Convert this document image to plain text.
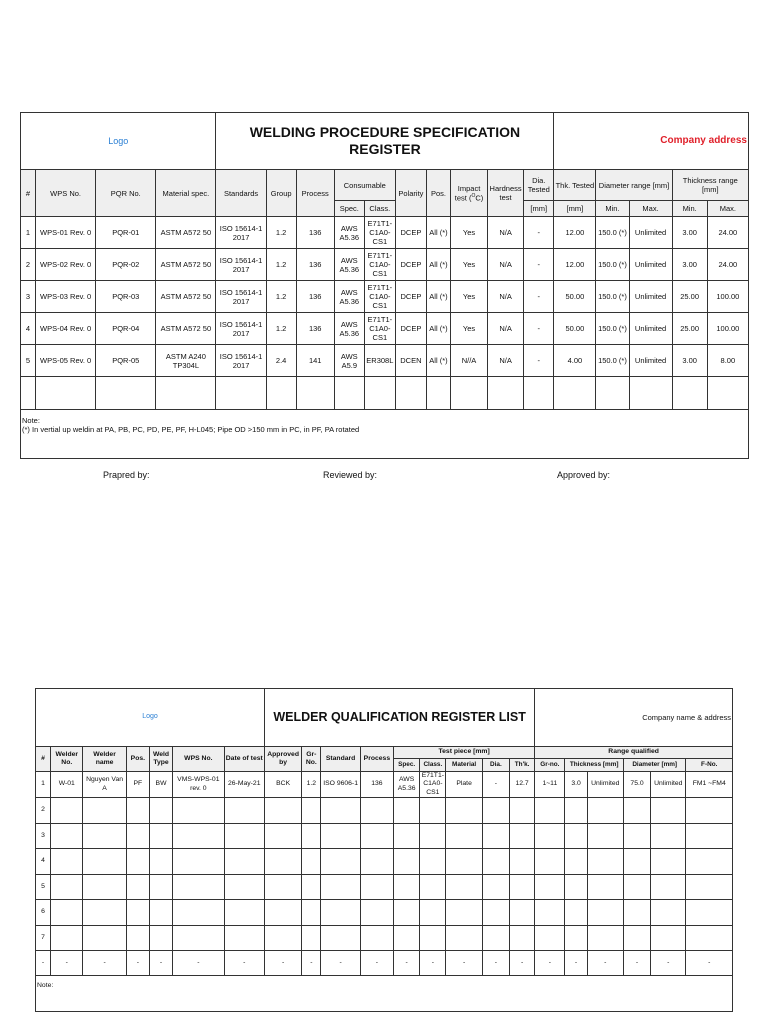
Logo				WELDING PROCEDURE SPECIFICATION
REGISTER										Company address				
#	WPS No.	PQR No.	Material spec.	Standards	Group	Process	Consumable		Polarity	Pos.	Impact test ($^O$C)	Hardness test	Dia. Tested	Thk. Tested	Diameter range [mm]		Thickness range [mm]	
							Spec.	Class.					[mm]	[mm]	Min.	Max.	Min.	Max.
1	WPS-01 Rev. 0	PQR-01	ASTM A572 50	ISO 15614-1 2017	1.2	136	AWS A5.36	E71T1-C1A0-CS1	DCEP	All (*)	Yes	N/A	-	12.00	150.0 (*)	Unlimited	3.00	24.00
2	WPS-02 Rev. 0	PQR-02	ASTM A572 50	ISO 15614-1 2017	1.2	136	AWS A5.36	E71T1-C1A0-CS1	DCEP	All (*)	Yes	N/A	-	12.00	150.0 (*)	Unlimited	3.00	24.00
3	WPS-03 Rev. 0	PQR-03	ASTM A572 50	ISO 15614-1 2017	1.2	136	AWS A5.36	E71T1-C1A0-CS1	DCEP	All (*)	Yes	N/A	-	50.00	150.0 (*)	Unlimited	25.00	100.00
4	WPS-04 Rev. 0	PQR-04	ASTM A572 50	ISO 15614-1 2017	1.2	136	AWS A5.36	E71T1-C1A0-CS1	DCEP	All (*)	Yes	N/A	-	50.00	150.0 (*)	Unlimited	25.00	100.00
5	WPS-05 Rev. 0	PQR-05	ASTM A240 TP304L	ISO 15614-1 2017	2.4	141	AWS A5.9	ER308L	DCEN	All (*)	N//A	N/A	-	4.00	150.0 (*)	Unlimited	3.00	8.00

Note:
(*) In vertial up weldin at PA, PB, PC, PD, PE, PF, H-L045; Pipe OD >150 mm in PC, in PF, PA rotated																		
Prapred by:	Reviewed by:	Approved by:
Logo							WELDER QUALIFICATION REGISTER LIST									Company name & address					
#	Welder No.	Welder name	Pos.	Weld Type	WPS No.	Date of test	Approved by	Gr-No.	Standard	Process	Test piece [mm]					Range qualified					
											Spec.	Class.	Material	Dia.	Th'k.	Gr-no.	Thickness [mm]		Diameter [mm]		F-No.
1	W-01	Nguyen Van A	PF	BW	VMS-WPS-01 rev. 0	26-May-21	BCK	1.2	ISO 9606-1	136	AWS A5.36	E71T1-C1A0-CS1	Plate	-	12.7	1~11	3.0	Unlimited	75.0	Unlimited	FM1 ~FM4
2																					
3																					
4																					
5																					
6																					
7																					
-	-	-	-	-	-	-	-	-	-	-	-	-	-	-	-	-	-	-	-	-	-
Note:																					
